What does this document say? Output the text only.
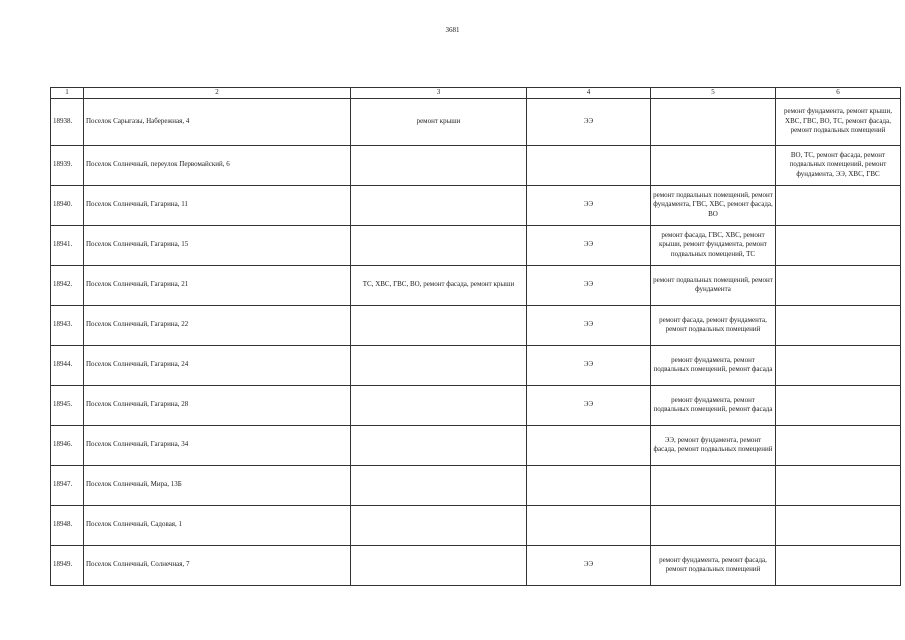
3681
1	2	3	4	5	6
18938.	Поселок Сарыгазы, Набережная, 4	ремонт крыши	ЭЭ		ремонт фундамента, ремонт крыши, ХВС, ГВС, ВО, ТС, ремонт фасада, ремонт подвальных помещений
18939.	Поселок Солнечный, переулок Первомайский, 6				ВО, ТС, ремонт фасада, ремонт подвальных помещений, ремонт фундамента, ЭЭ, ХВС, ГВС
18940.	Поселок Солнечный, Гагарина, 11		ЭЭ	ремонт подвальных помещений, ремонт фундамента, ГВС, ХВС, ремонт фасада, ВО	
18941.	Поселок Солнечный, Гагарина, 15		ЭЭ	ремонт фасада, ГВС, ХВС, ремонт крыши, ремонт фундамента, ремонт подвальных помещений, ТС	
18942.	Поселок Солнечный, Гагарина, 21	ТС, ХВС, ГВС, ВО, ремонт фасада, ремонт крыши	ЭЭ	ремонт подвальных помещений, ремонт фундамента	
18943.	Поселок Солнечный, Гагарина, 22		ЭЭ	ремонт фасада, ремонт фундамента, ремонт подвальных помещений	
18944.	Поселок Солнечный, Гагарина, 24		ЭЭ	ремонт фундамента, ремонт подвальных помещений, ремонт фасада	
18945.	Поселок Солнечный, Гагарина, 28		ЭЭ	ремонт фундамента, ремонт подвальных помещений, ремонт фасада	
18946.	Поселок Солнечный, Гагарина, 34			ЭЭ, ремонт фундамента, ремонт фасада, ремонт подвальных помещений	
18947.	Поселок Солнечный, Мира, 13Б				
18948.	Поселок Солнечный, Садовая, 1				
18949.	Поселок Солнечный, Солнечная, 7		ЭЭ	ремонт фундамента, ремонт фасада, ремонт подвальных помещений	
